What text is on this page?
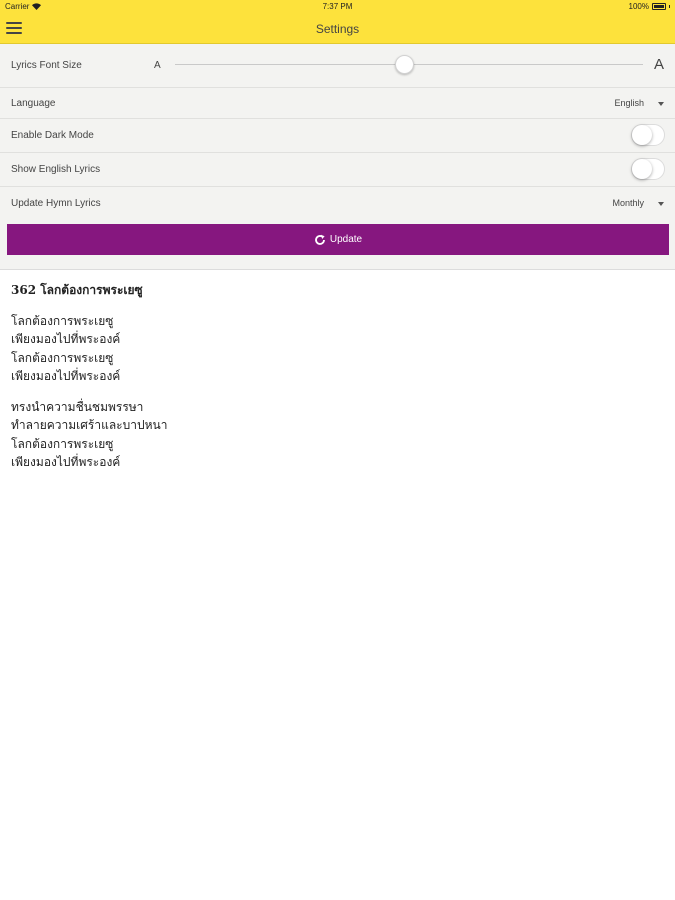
Carrier	7:37 PM	100%
Settings
Lyrics Font Size	A	A
Language	English
Enable Dark Mode
Show English Lyrics
Update Hymn Lyrics	Monthly
Update
362 โลกต้องการพระเยซู
โลกต้องการพระเยซู
เพียงมองไปที่พระองค์
โลกต้องการพระเยซู
เพียงมองไปที่พระองค์
ทรงนำความชื่นชมพรรษา
ทำลายความเศร้าและบาปหนา
โลกต้องการพระเยซู
เพียงมองไปที่พระองค์
